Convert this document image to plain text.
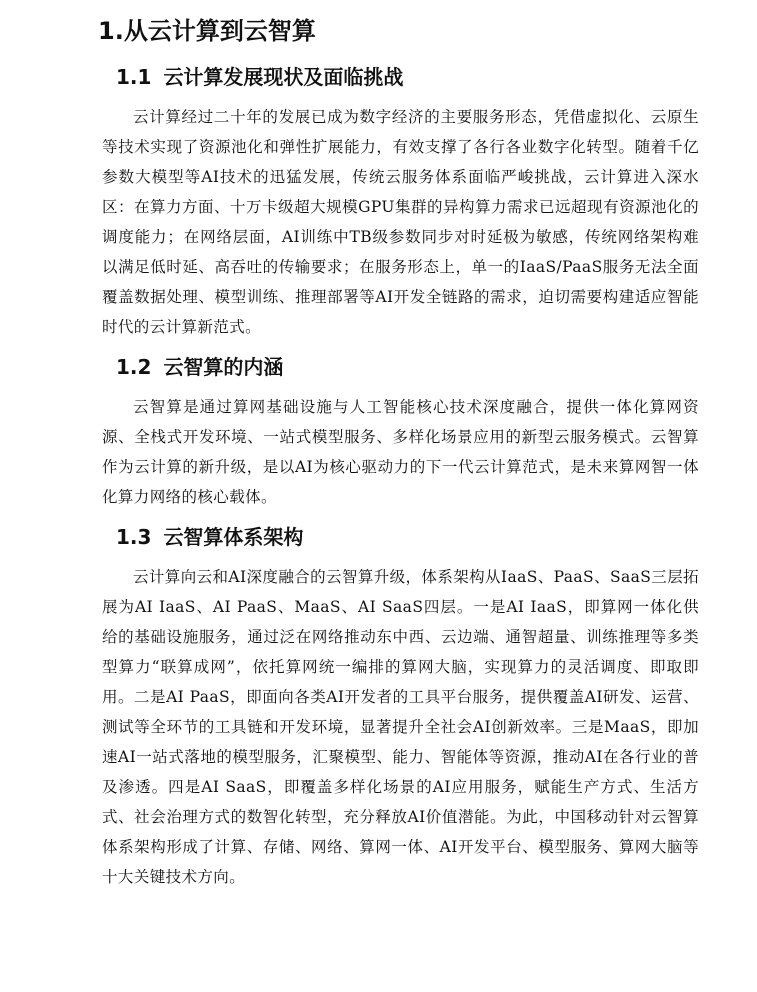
1.从云计算到云智算
1.1 云计算发展现状及面临挑战

云计算经过二十年的发展已成为数字经济的主要服务形态，凭借虚拟化、云原生等技术实现了资源池化和弹性扩展能力，有效支撑了各行各业数字化转型。随着千亿参数大模型等AI技术的迅猛发展，传统云服务体系面临严峻挑战，云计算进入深水区：在算力方面、十万卡级超大规模GPU集群的异构算力需求已远超现有资源池化的调度能力；在网络层面，AI训练中TB级参数同步对时延极为敏感，传统网络架构难以满足低时延、高吞吐的传输要求；在服务形态上，单一的IaaS/PaaS服务无法全面覆盖数据处理、模型训练、推理部署等AI开发全链路的需求，迫切需要构建适应智能时代的云计算新范式。

1.2 云智算的内涵

云智算是通过算网基础设施与人工智能核心技术深度融合，提供一体化算网资源、全栈式开发环境、一站式模型服务、多样化场景应用的新型云服务模式。云智算作为云计算的新升级，是以AI为核心驱动力的下一代云计算范式，是未来算网智一体化算力网络的核心载体。

1.3 云智算体系架构

云计算向云和AI深度融合的云智算升级，体系架构从IaaS、PaaS、SaaS三层拓展为AI IaaS、AI PaaS、MaaS、AI SaaS四层。一是AI IaaS，即算网一体化供给的基础设施服务，通过泛在网络推动东中西、云边端、通智超量、训练推理等多类型算力“联算成网”，依托算网统一编排的算网大脑，实现算力的灵活调度、即取即用。二是AI PaaS，即面向各类AI开发者的工具平台服务，提供覆盖AI研发、运营、测试等全环节的工具链和开发环境，显著提升全社会AI创新效率。三是MaaS，即加速AI一站式落地的模型服务，汇聚模型、能力、智能体等资源，推动AI在各行业的普及渗透。四是AI SaaS，即覆盖多样化场景的AI应用服务，赋能生产方式、生活方式、社会治理方式的数智化转型，充分释放AI价值潜能。为此，中国移动针对云智算体系架构形成了计算、存储、网络、算网一体、AI开发平台、模型服务、算网大脑等十大关键技术方向。
